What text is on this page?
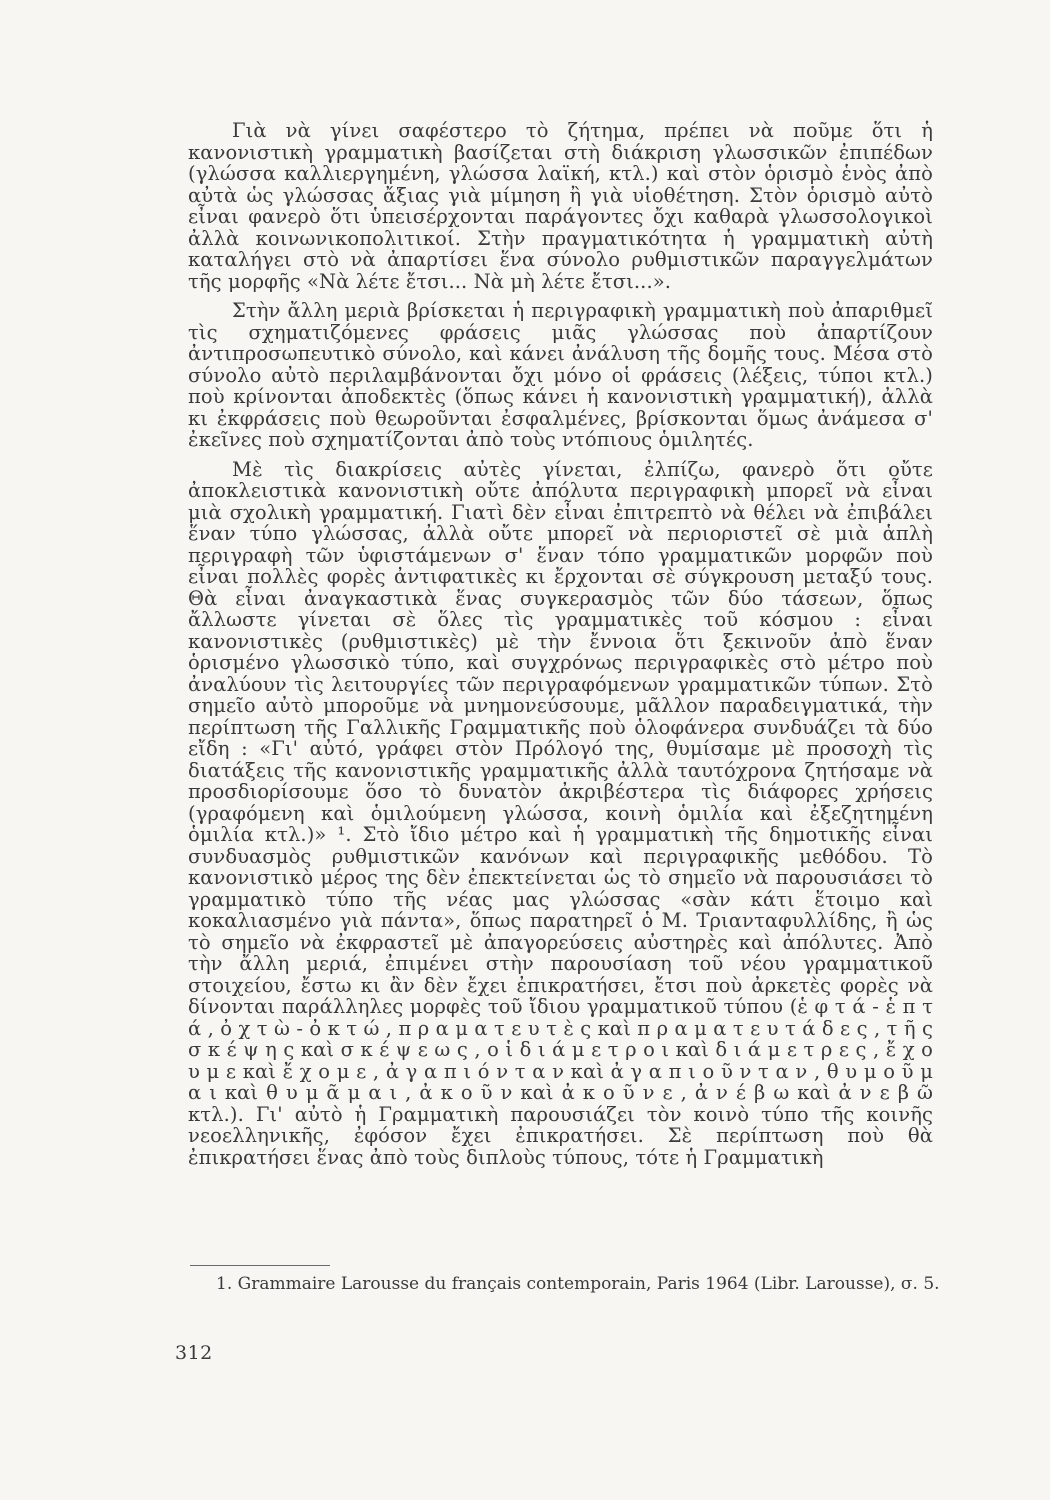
Γιὰ νὰ γίνει σαφέστερο τὸ ζήτημα, πρέπει νὰ ποῦμε ὅτι ἡ κανονιστικὴ γραμματικὴ βασίζεται στὴ διάκριση γλωσσικῶν ἐπιπέδων (γλώσσα καλλιεργημένη, γλώσσα λαϊκή, κτλ.) καὶ στὸν ὁρισμὸ ἑνὸς ἀπὸ αὐτὰ ὡς γλώσσας ἄξιας γιὰ μίμηση ἢ γιὰ υἱοθέτηση. Στὸν ὁρισμὸ αὐτὸ εἶναι φανερὸ ὅτι ὑπεισέρχονται παράγοντες ὄχι καθαρὰ γλωσσολογικοὶ ἀλλὰ κοινωνικοπολιτικοί. Στὴν πραγματικότητα ἡ γραμματικὴ αὐτὴ καταλήγει στὸ νὰ ἀπαρτίσει ἕνα σύνολο ρυθμιστικῶν παραγγελμάτων τῆς μορφῆς «Νὰ λέτε ἔτσι... Νὰ μὴ λέτε ἔτσι...».

Στὴν ἄλλη μεριὰ βρίσκεται ἡ περιγραφικὴ γραμματικὴ ποὺ ἀπαριθμεῖ τὶς σχηματιζόμενες φράσεις μιᾶς γλώσσας ποὺ ἀπαρτίζουν ἀντιπροσωπευτικὸ σύνολο, καὶ κάνει ἀνάλυση τῆς δομῆς τους. Μέσα στὸ σύνολο αὐτὸ περιλαμβάνονται ὄχι μόνο οἱ φράσεις (λέξεις, τύποι κτλ.) ποὺ κρίνονται ἀποδεκτὲς (ὅπως κάνει ἡ κανονιστικὴ γραμματική), ἀλλὰ κι ἐκφράσεις ποὺ θεωροῦνται ἐσφαλμένες, βρίσκονται ὅμως ἀνάμεσα σ' ἐκεῖνες ποὺ σχηματίζονται ἀπὸ τοὺς ντόπιους ὁμιλητές.

Μὲ τὶς διακρίσεις αὐτὲς γίνεται, ἐλπίζω, φανερὸ ὅτι οὔτε ἀποκλειστικὰ κανονιστικὴ οὔτε ἀπόλυτα περιγραφικὴ μπορεῖ νὰ εἶναι μιὰ σχολικὴ γραμματική. Γιατὶ δὲν εἶναι ἐπιτρεπτὸ νὰ θέλει νὰ ἐπιβάλει ἕναν τύπο γλώσσας, ἀλλὰ οὔτε μπορεῖ νὰ περιοριστεῖ σὲ μιὰ ἁπλὴ περιγραφὴ τῶν ὑφιστάμενων σ' ἕναν τόπο γραμματικῶν μορφῶν ποὺ εἶναι πολλὲς φορὲς ἀντιφατικὲς κι ἔρχονται σὲ σύγκρουση μεταξύ τους. Θὰ εἶναι ἀναγκαστικὰ ἕνας συγκερασμὸς τῶν δύο τάσεων, ὅπως ἄλλωστε γίνεται σὲ ὅλες τὶς γραμματικὲς τοῦ κόσμου : εἶναι κανονιστικὲς (ρυθμιστικὲς) μὲ τὴν ἔννοια ὅτι ξεκινοῦν ἀπὸ ἕναν ὁρισμένο γλωσσικὸ τύπο, καὶ συγχρόνως περιγραφικὲς στὸ μέτρο ποὺ ἀναλύουν τὶς λειτουργίες τῶν περιγραφόμενων γραμματικῶν τύπων. Στὸ σημεῖο αὐτὸ μποροῦμε νὰ μνημονεύσουμε, μᾶλλον παραδειγματικά, τὴν περίπτωση τῆς Γαλλικῆς Γραμματικῆς ποὺ ὁλοφάνερα συνδυάζει τὰ δύο εἴδη : «Γι' αὐτό, γράφει στὸν Πρόλογό της, θυμίσαμε μὲ προσοχὴ τὶς διατάξεις τῆς κανονιστικῆς γραμματικῆς ἀλλὰ ταυτόχρονα ζητήσαμε νὰ προσδιορίσουμε ὅσο τὸ δυνατὸν ἀκριβέστερα τὶς διάφορες χρήσεις (γραφόμενη καὶ ὁμιλούμενη γλώσσα, κοινὴ ὁμιλία καὶ ἐξεζητημένη ὁμιλία κτλ.)» ¹. Στὸ ἴδιο μέτρο καὶ ἡ γραμματικὴ τῆς δημοτικῆς εἶναι συνδυασμὸς ρυθμιστικῶν κανόνων καὶ περιγραφικῆς μεθόδου. Τὸ κανονιστικὸ μέρος της δὲν ἐπεκτείνεται ὡς τὸ σημεῖο νὰ παρουσιάσει τὸ γραμματικὸ τύπο τῆς νέας μας γλώσσας «σὰν κάτι ἕτοιμο καὶ κοκαλιασμένο γιὰ πάντα», ὅπως παρατηρεῖ ὁ Μ. Τριανταφυλλίδης, ἢ ὡς τὸ σημεῖο νὰ ἐκφραστεῖ μὲ ἀπαγορεύσεις αὐστηρὲς καὶ ἀπόλυτες. Ἀπὸ τὴν ἄλλη μεριά, ἐπιμένει στὴν παρουσίαση τοῦ νέου γραμματικοῦ στοιχείου, ἔστω κι ἂν δὲν ἔχει ἐπικρατήσει, ἔτσι ποὺ ἀρκετὲς φορὲς νὰ δίνονται παράλληλες μορφὲς τοῦ ἴδιου γραμματικοῦ τύπου (ἑ φ τ ά - ἑ π τ ά , ὀ χ τ ὼ - ὀ κ τ ώ , π ρ α μ α τ ε υ τ ὲ ς καὶ π ρ α μ α τ ε υ τ ά δ ε ς , τ ῆ ς σ κ έ ψ η ς καὶ σ κ έ ψ ε ω ς , ο ἱ δ ι ά μ ε τ ρ ο ι καὶ δ ι ά μ ε τ ρ ε ς , ἔ χ ο υ μ ε καὶ ἔ χ ο μ ε , ἀ γ α π ι ό ν τ α ν καὶ ἀ γ α π ι ο ῦ ν τ α ν , θ υ μ ο ῦ μ α ι καὶ θ υ μ ᾶ μ α ι , ἀ κ ο ῦ ν καὶ ἀ κ ο ῦ ν ε , ἀ ν έ β ω καὶ ἀ ν ε β ῶ κτλ.). Γι' αὐτὸ ἡ Γραμματικὴ παρουσιάζει τὸν κοινὸ τύπο τῆς κοινῆς νεοελληνικῆς, ἐφόσον ἔχει ἐπικρατήσει. Σὲ περίπτωση ποὺ θὰ ἐπικρατήσει ἕνας ἀπὸ τοὺς διπλοὺς τύπους, τότε ἡ Γραμματικὴ

1. Grammaire Larousse du français contemporain, Paris 1964 (Libr. Larousse), σ. 5.

312
